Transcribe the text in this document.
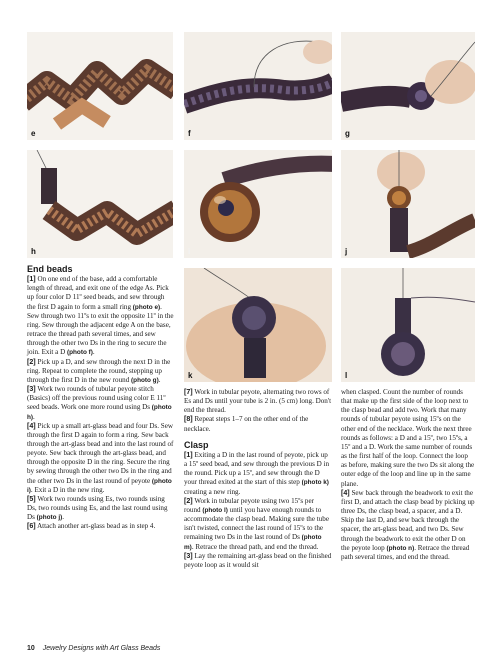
e	f	g
h	i	j
k	l
End beads

[1] On one end of the base, add a comfortable length of thread, and exit one of the edge As. Pick up four color D 11º seed beads, and sew through the first D again to form a small ring (photo e). Sew through two 11ºs to exit the opposite 11º in the ring. Sew through the adjacent edge A on the base, retrace the thread path several times, and sew through the other two Ds in the ring to secure the join. Exit a D (photo f).

[2] Pick up a D, and sew through the next D in the ring. Repeat to complete the round, stepping up through the first D in the new round (photo g).

[3] Work two rounds of tubular peyote stitch (Basics) off the previous round using color E 11º seed beads. Work one more round using Ds (photo h).

[4] Pick up a small art-glass bead and four Ds. Sew through the first D again to form a ring. Sew back through the art-glass bead and into the last round of peyote. Sew back through the art-glass bead, and through the opposite D in the ring. Secure the ring by sewing through the other two Ds in the ring and the other two Ds in the last round of peyote (photo i). Exit a D in the new ring.

[5] Work two rounds using Es, two rounds using Ds, two rounds using Es, and the last round using Ds (photo j).

[6] Attach another art-glass bead as in step 4.

[7] Work in tubular peyote, alternating two rows of Es and Ds until your tube is 2 in. (5 cm) long. Don't end the thread.

[8] Repeat steps 1–7 on the other end of the necklace.

Clasp

[1] Exiting a D in the last round of peyote, pick up a 15º seed bead, and sew through the previous D in the round. Pick up a 15º, and sew through the D your thread exited at the start of this step (photo k) creating a new ring.

[2] Work in tubular peyote using two 15ºs per round (photo l) until you have enough rounds to accommodate the clasp bead. Making sure the tube isn't twisted, connect the last round of 15ºs to the remaining two Ds in the last round of Ds (photo m). Retrace the thread path, and end the thread.

[3] Lay the remaining art-glass bead on the finished peyote loop as it would sit

when clasped. Count the number of rounds that make up the first side of the loop next to the clasp bead and add two. Work that many rounds of tubular peyote using 15ºs on the other end of the necklace. Work the next three rounds as follows: a D and a 15º, two 15ºs, a 15º and a D. Work the same number of rounds as the first half of the loop. Connect the loop as before, making sure the two Ds sit along the outer edge of the loop and line up in the same plane.

[4] Sew back through the beadwork to exit the first D, and attach the clasp bead by picking up three Ds, the clasp bead, a spacer, and a D. Skip the last D, and sew back through the spacer, the art-glass bead, and two Ds. Sew through the beadwork to exit the other D on the peyote loop (photo n). Retrace the thread path several times, and end the thread.

10 Jewelry Designs with Art Glass Beads
